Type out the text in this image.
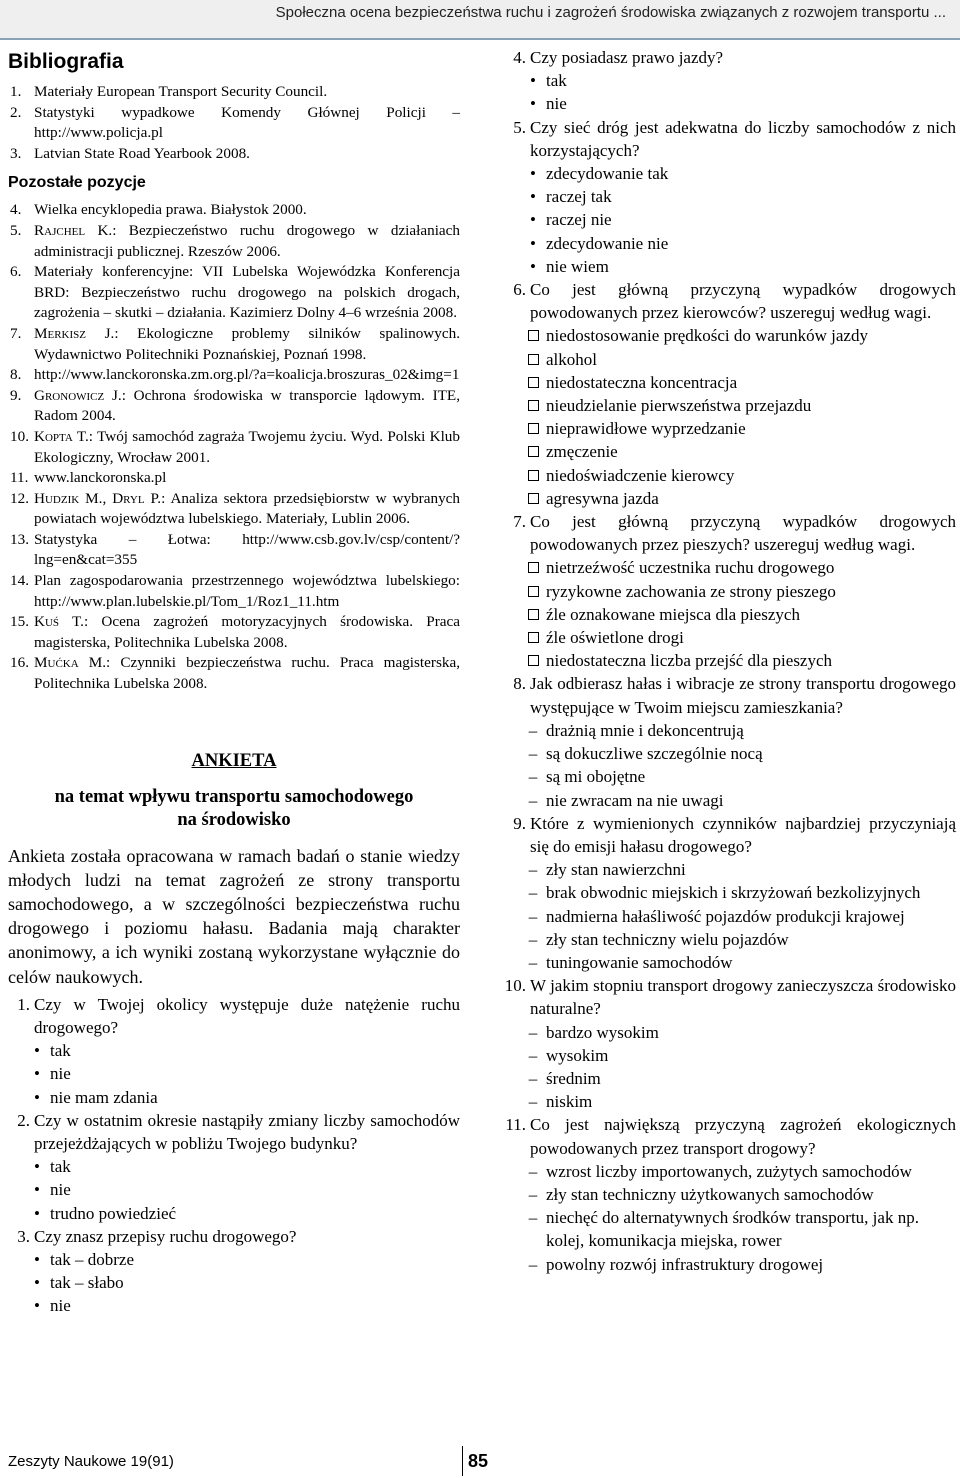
Społeczna ocena bezpieczeństwa ruchu i zagrożeń środowiska związanych z rozwojem transportu ...
Bibliografia
1. Materiały European Transport Security Council.
2. Statystyki wypadkowe Komendy Głównej Policji – http://www.policja.pl
3. Latvian State Road Yearbook 2008.
Pozostałe pozycje
4. Wielka encyklopedia prawa. Białystok 2000.
5. Rajchel K.: Bezpieczeństwo ruchu drogowego w działaniach administracji publicznej. Rzeszów 2006.
6. Materiały konferencyjne: VII Lubelska Wojewódzka Konferencja BRD: Bezpieczeństwo ruchu drogowego na polskich drogach, zagrożenia – skutki – działania. Kazimierz Dolny 4–6 września 2008.
7. Merkisz J.: Ekologiczne problemy silników spalinowych. Wydawnictwo Politechniki Poznańskiej, Poznań 1998.
8. http://www.lanckoronska.zm.org.pl/?a=koalicja.broszuras_02&img=1
9. Gronowicz J.: Ochrona środowiska w transporcie lądowym. ITE, Radom 2004.
10. Kopta T.: Twój samochód zagraża Twojemu życiu. Wyd. Polski Klub Ekologiczny, Wrocław 2001.
11. www.lanckoronska.pl
12. Hudzik M., Dryl P.: Analiza sektora przedsiębiorstw w wybranych powiatach województwa lubelskiego. Materiały, Lublin 2006.
13. Statystyka – Łotwa: http://www.csb.gov.lv/csp/content/?lng=en&cat=355
14. Plan zagospodarowania przestrzennego województwa lubelskiego: http://www.plan.lubelskie.pl/Tom_1/Roz1_11.htm
15. Kuś T.: Ocena zagrożeń motoryzacyjnych środowiska. Praca magisterska, Politechnika Lubelska 2008.
16. Mućka M.: Czynniki bezpieczeństwa ruchu. Praca magisterska, Politechnika Lubelska 2008.
ANKIETA
na temat wpływu transportu samochodowego
na środowisko
Ankieta została opracowana w ramach badań o stanie wiedzy młodych ludzi na temat zagrożeń ze strony transportu samochodowego, a w szczególności bezpieczeństwa ruchu drogowego i poziomu hałasu. Badania mają charakter anonimowy, a ich wyniki zostaną wykorzystane wyłącznie do celów naukowych.
1. Czy w Twojej okolicy występuje duże natężenie ruchu drogowego?
• tak
• nie
• nie mam zdania
2. Czy w ostatnim okresie nastąpiły zmiany liczby samochodów przejeżdżających w pobliżu Twojego budynku?
• tak
• nie
• trudno powiedzieć
3. Czy znasz przepisy ruchu drogowego?
• tak – dobrze
• tak – słabo
• nie
4. Czy posiadasz prawo jazdy?
• tak
• nie
5. Czy sieć dróg jest adekwatna do liczby samochodów z nich korzystających?
• zdecydowanie tak
• raczej tak
• raczej nie
• zdecydowanie nie
• nie wiem
6. Co jest główną przyczyną wypadków drogowych powodowanych przez kierowców? uszereguj według wagi.
niedostosowanie prędkości do warunków jazdy
alkohol
niedostateczna koncentracja
nieudzielanie pierwszeństwa przejazdu
nieprawidłowe wyprzedzanie
zmęczenie
niedoświadczenie kierowcy
agresywna jazda
7. Co jest główną przyczyną wypadków drogowych powodowanych przez pieszych? uszereguj według wagi.
nietrzeźwość uczestnika ruchu drogowego
ryzykowne zachowania ze strony pieszego
źle oznakowane miejsca dla pieszych
źle oświetlone drogi
niedostateczna liczba przejść dla pieszych
8. Jak odbierasz hałas i wibracje ze strony transportu drogowego występujące w Twoim miejscu zamieszkania?
– drażnią mnie i dekoncentrują
– są dokuczliwe szczególnie nocą
– są mi obojętne
– nie zwracam na nie uwagi
9. Które z wymienionych czynników najbardziej przyczyniają się do emisji hałasu drogowego?
– zły stan nawierzchni
– brak obwodnic miejskich i skrzyżowań bezkolizyjnych
– nadmierna hałaśliwość pojazdów produkcji krajowej
– zły stan techniczny wielu pojazdów
– tuningowanie samochodów
10. W jakim stopniu transport drogowy zanieczyszcza środowisko naturalne?
– bardzo wysokim
– wysokim
– średnim
– niskim
11. Co jest największą przyczyną zagrożeń ekologicznych powodowanych przez transport drogowy?
– wzrost liczby importowanych, zużytych samochodów
– zły stan techniczny użytkowanych samochodów
– niechęć do alternatywnych środków transportu, jak np. kolej, komunikacja miejska, rower
– powolny rozwój infrastruktury drogowej
Zeszyty Naukowe 19(91)	85
